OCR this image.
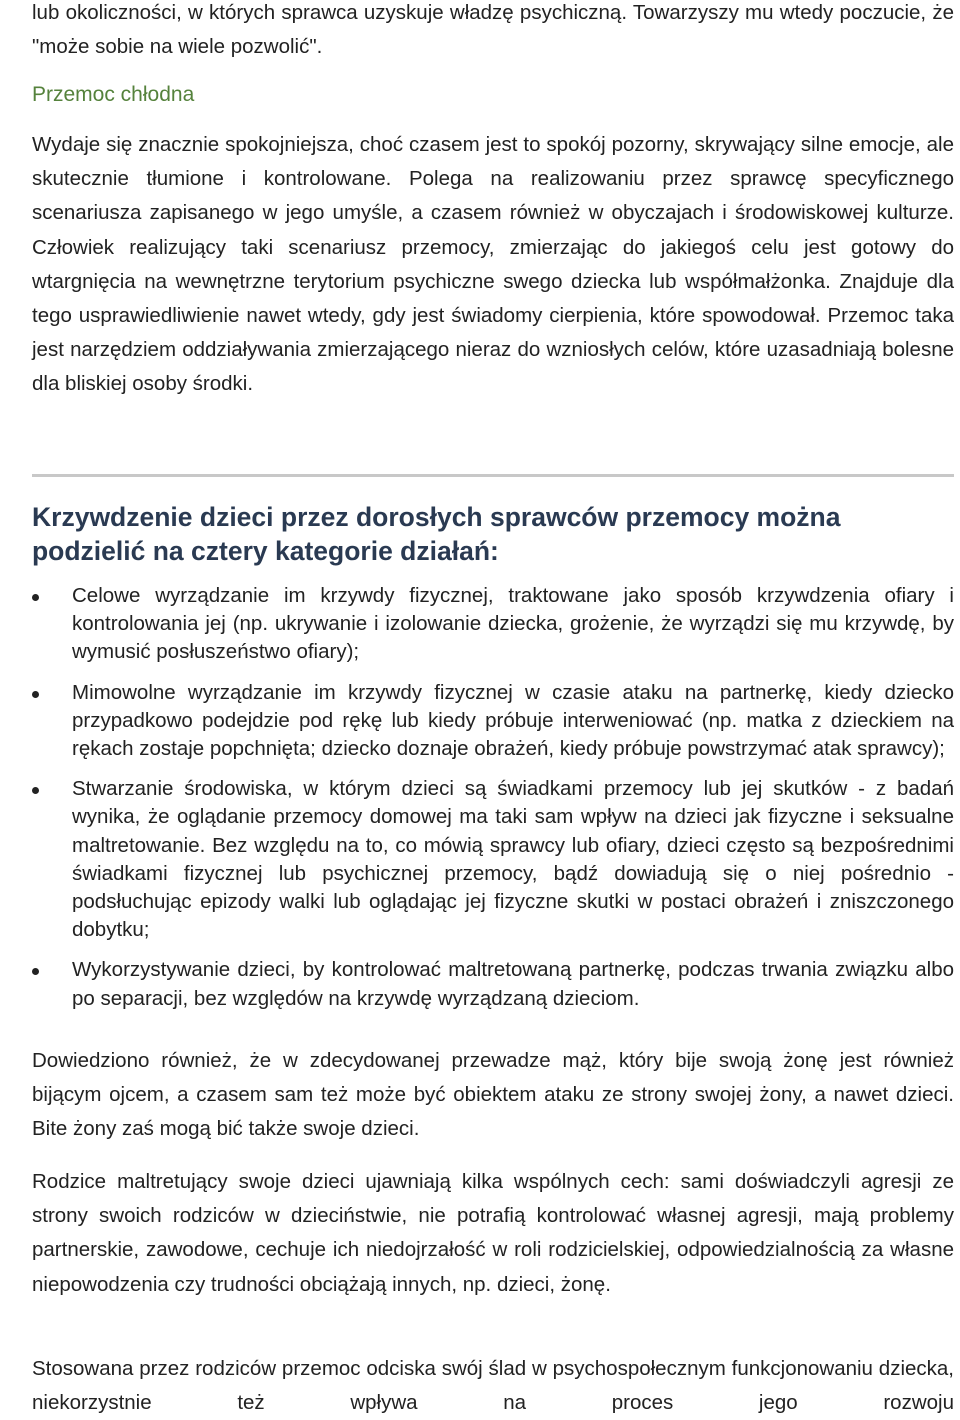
lub okoliczności, w których sprawca uzyskuje władzę psychiczną. Towarzyszy mu wtedy poczucie, że "może sobie na wiele pozwolić".

Przemoc chłodna

Wydaje się znacznie spokojniejsza, choć czasem jest to spokój pozorny, skrywający silne emocje, ale skutecznie tłumione i kontrolowane. Polega na realizowaniu przez sprawcę specyficznego scenariusza zapisanego w jego umyśle, a czasem również w obyczajach i środowiskowej kulturze. Człowiek realizujący taki scenariusz przemocy, zmierzając do jakiegoś celu jest gotowy do wtargnięcia na wewnętrzne terytorium psychiczne swego dziecka lub współmałżonka. Znajduje dla tego usprawiedliwienie nawet wtedy, gdy jest świadomy cierpienia, które spowodował. Przemoc taka jest narzędziem oddziaływania zmierzającego nieraz do wzniosłych celów, które uzasadniają bolesne dla bliskiej osoby środki.

Krzywdzenie dzieci przez dorosłych sprawców przemocy można podzielić na cztery kategorie działań:
Celowe wyrządzanie im krzywdy fizycznej, traktowane jako sposób krzywdzenia ofiary i kontrolowania jej (np. ukrywanie i izolowanie dziecka, grożenie, że wyrządzi się mu krzywdę, by wymusić posłuszeństwo ofiary);
Mimowolne wyrządzanie im krzywdy fizycznej w czasie ataku na partnerkę, kiedy dziecko przypadkowo podejdzie pod rękę lub kiedy próbuje interweniować (np. matka z dzieckiem na rękach zostaje popchnięta; dziecko doznaje obrażeń, kiedy próbuje powstrzymać atak sprawcy);
Stwarzanie środowiska, w którym dzieci są świadkami przemocy lub jej skutków - z badań wynika, że oglądanie przemocy domowej ma taki sam wpływ na dzieci jak fizyczne i seksualne maltretowanie. Bez względu na to, co mówią sprawcy lub ofiary, dzieci często są bezpośrednimi świadkami fizycznej lub psychicznej przemocy, bądź dowiadują się o niej pośrednio - podsłuchując epizody walki lub oglądając jej fizyczne skutki w postaci obrażeń i zniszczonego dobytku;
Wykorzystywanie dzieci, by kontrolować maltretowaną partnerkę, podczas trwania związku albo po separacji, bez względów na krzywdę wyrządzaną dzieciom.

Dowiedziono również, że w zdecydowanej przewadze mąż, który bije swoją żonę jest również bijącym ojcem, a czasem sam też może być obiektem ataku ze strony swojej żony, a nawet dzieci. Bite żony zaś mogą bić także swoje dzieci.

Rodzice maltretujący swoje dzieci ujawniają kilka wspólnych cech: sami doświadczyli agresji ze strony swoich rodziców w dzieciństwie, nie potrafią kontrolować własnej agresji, mają problemy partnerskie, zawodowe, cechuje ich niedojrzałość w roli rodzicielskiej, odpowiedzialnością za własne niepowodzenia czy trudności obciążają innych, np. dzieci, żonę.

Stosowana przez rodziców przemoc odciska swój ślad w psychospołecznym funkcjonowaniu dziecka, niekorzystnie też wpływa na proces jego rozwoju
